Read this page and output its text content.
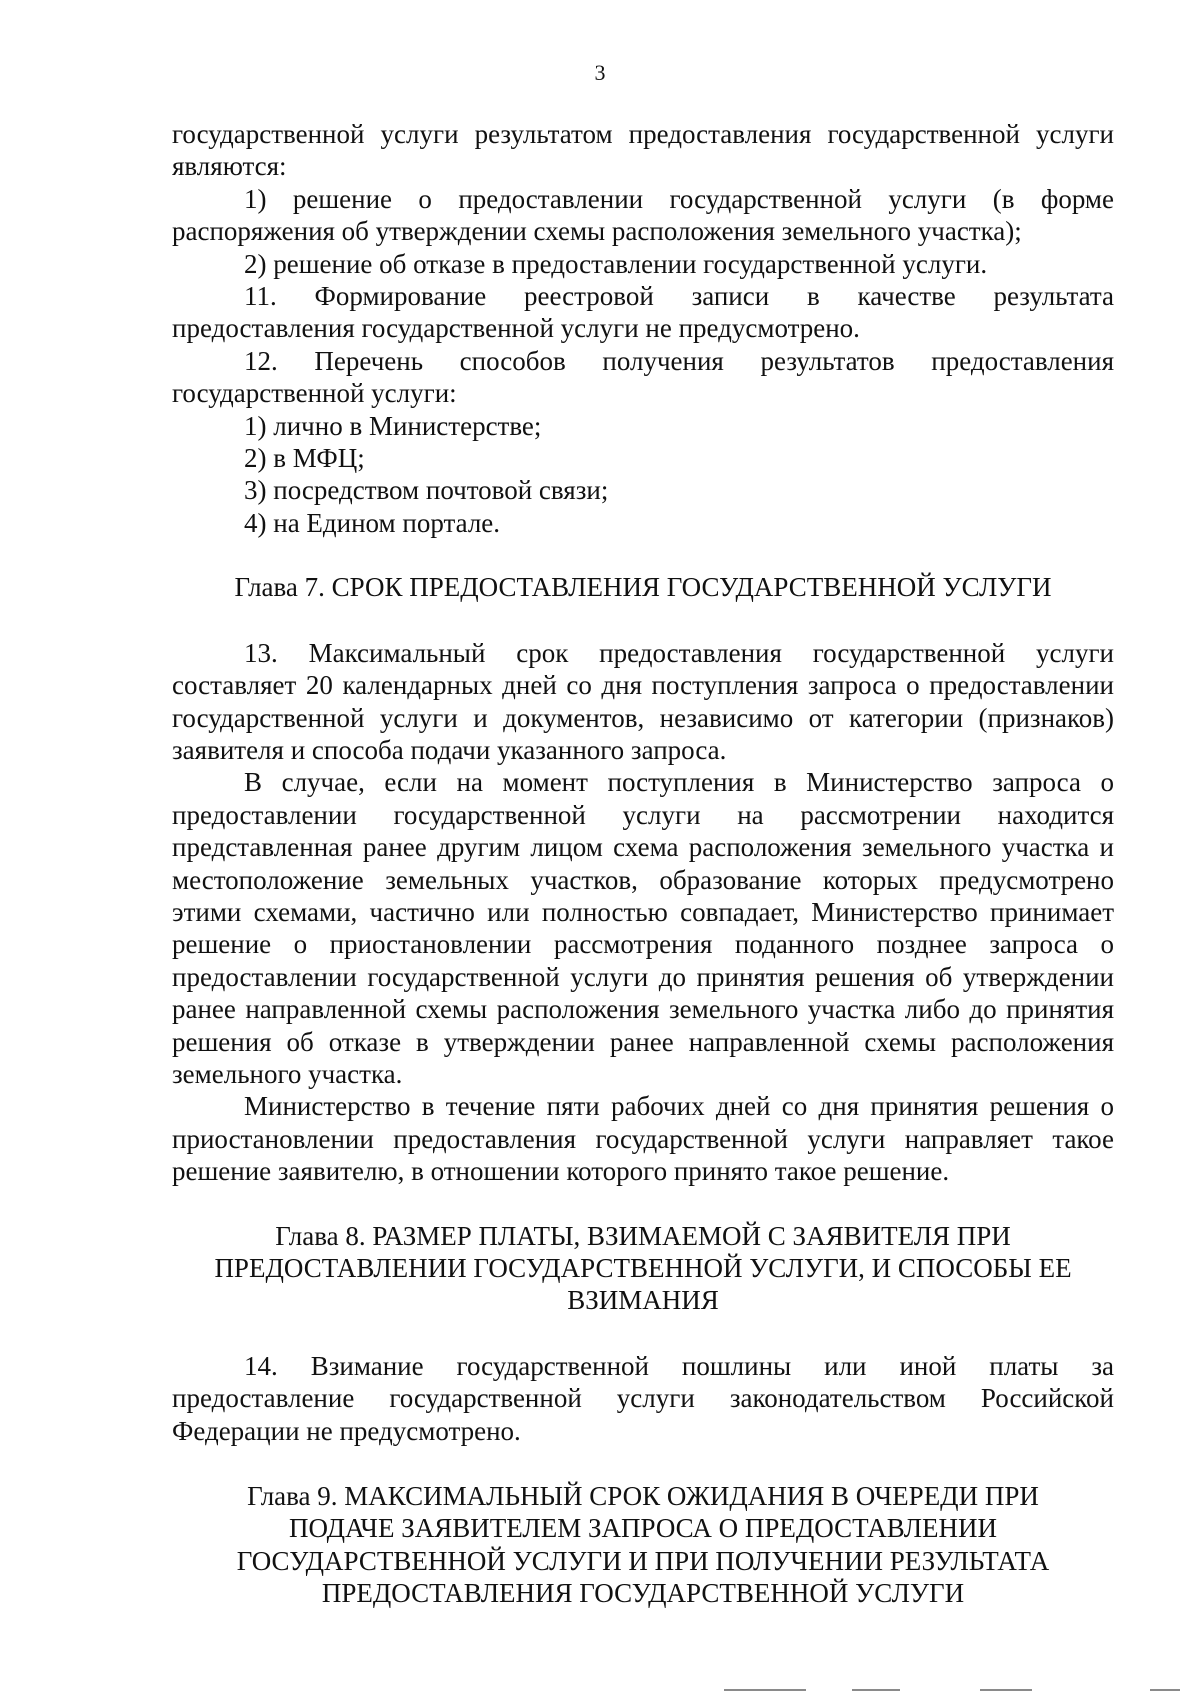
3

государственной услуги результатом предоставления государственной услуги являются:

1) решение о предоставлении государственной услуги (в форме распоряжения об утверждении схемы расположения земельного участка);

2) решение об отказе в предоставлении государственной услуги.

11. Формирование реестровой записи в качестве результата предоставления государственной услуги не предусмотрено.

12. Перечень способов получения результатов предоставления государственной услуги:

1) лично в Министерстве;

2) в МФЦ;

3) посредством почтовой связи;

4) на Едином портале.

Глава 7. СРОК ПРЕДОСТАВЛЕНИЯ ГОСУДАРСТВЕННОЙ УСЛУГИ

13. Максимальный срок предоставления государственной услуги составляет 20 календарных дней со дня поступления запроса о предоставлении государственной услуги и документов, независимо от категории (признаков) заявителя и способа подачи указанного запроса.

В случае, если на момент поступления в Министерство запроса о предоставлении государственной услуги на рассмотрении находится представленная ранее другим лицом схема расположения земельного участка и местоположение земельных участков, образование которых предусмотрено этими схемами, частично или полностью совпадает, Министерство принимает решение о приостановлении рассмотрения поданного позднее запроса о предоставлении государственной услуги до принятия решения об утверждении ранее направленной схемы расположения земельного участка либо до принятия решения об отказе в утверждении ранее направленной схемы расположения земельного участка.

Министерство в течение пяти рабочих дней со дня принятия решения о приостановлении предоставления государственной услуги направляет такое решение заявителю, в отношении которого принято такое решение.

Глава 8. РАЗМЕР ПЛАТЫ, ВЗИМАЕМОЙ С ЗАЯВИТЕЛЯ ПРИ
ПРЕДОСТАВЛЕНИИ ГОСУДАРСТВЕННОЙ УСЛУГИ, И СПОСОБЫ ЕЕ
ВЗИМАНИЯ

14. Взимание государственной пошлины или иной платы за предоставление государственной услуги законодательством Российской Федерации не предусмотрено.

Глава 9. МАКСИМАЛЬНЫЙ СРОК ОЖИДАНИЯ В ОЧЕРЕДИ ПРИ
ПОДАЧЕ ЗАЯВИТЕЛЕМ ЗАПРОСА О ПРЕДОСТАВЛЕНИИ
ГОСУДАРСТВЕННОЙ УСЛУГИ И ПРИ ПОЛУЧЕНИИ РЕЗУЛЬТАТА
ПРЕДОСТАВЛЕНИЯ ГОСУДАРСТВЕННОЙ УСЛУГИ
